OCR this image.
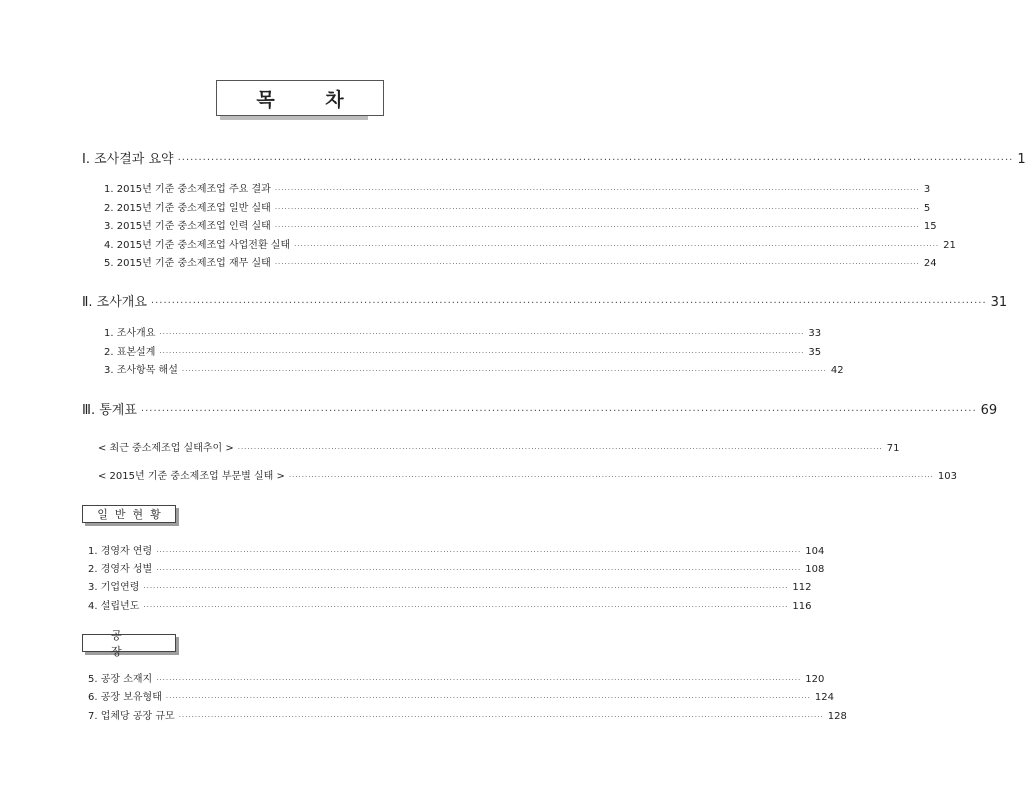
목 차
Ⅰ. 조사결과 요약 ········································································································································································································ 1
1. 2015년 기준 중소제조업 주요 결과 ········································································································································································································ 3
2. 2015년 기준 중소제조업 일반 실태 ········································································································································································································ 5
3. 2015년 기준 중소제조업 인력 실태 ········································································································································································································ 15
4. 2015년 기준 중소제조업 사업전환 실태 ········································································································································································································ 21
5. 2015년 기준 중소제조업 재무 실태 ········································································································································································································ 24
Ⅱ. 조사개요 ········································································································································································································ 31
1. 조사개요 ········································································································································································································ 33
2. 표본설계 ········································································································································································································ 35
3. 조사항목 해설 ········································································································································································································ 42
Ⅲ. 통계표 ········································································································································································································ 69
< 최근 중소제조업 실태추이 > ········································································································································································································ 71
< 2015년 기준 중소제조업 부문별 실태 > ········································································································································································································ 103
일반현황
1. 경영자 연령 ········································································································································································································ 104
2. 경영자 성별 ········································································································································································································ 108
3. 기업연령 ········································································································································································································ 112
4. 설립년도 ········································································································································································································ 116
공장
5. 공장 소재지 ········································································································································································································ 120
6. 공장 보유형태 ········································································································································································································ 124
7. 업체당 공장 규모 ········································································································································································································ 128
